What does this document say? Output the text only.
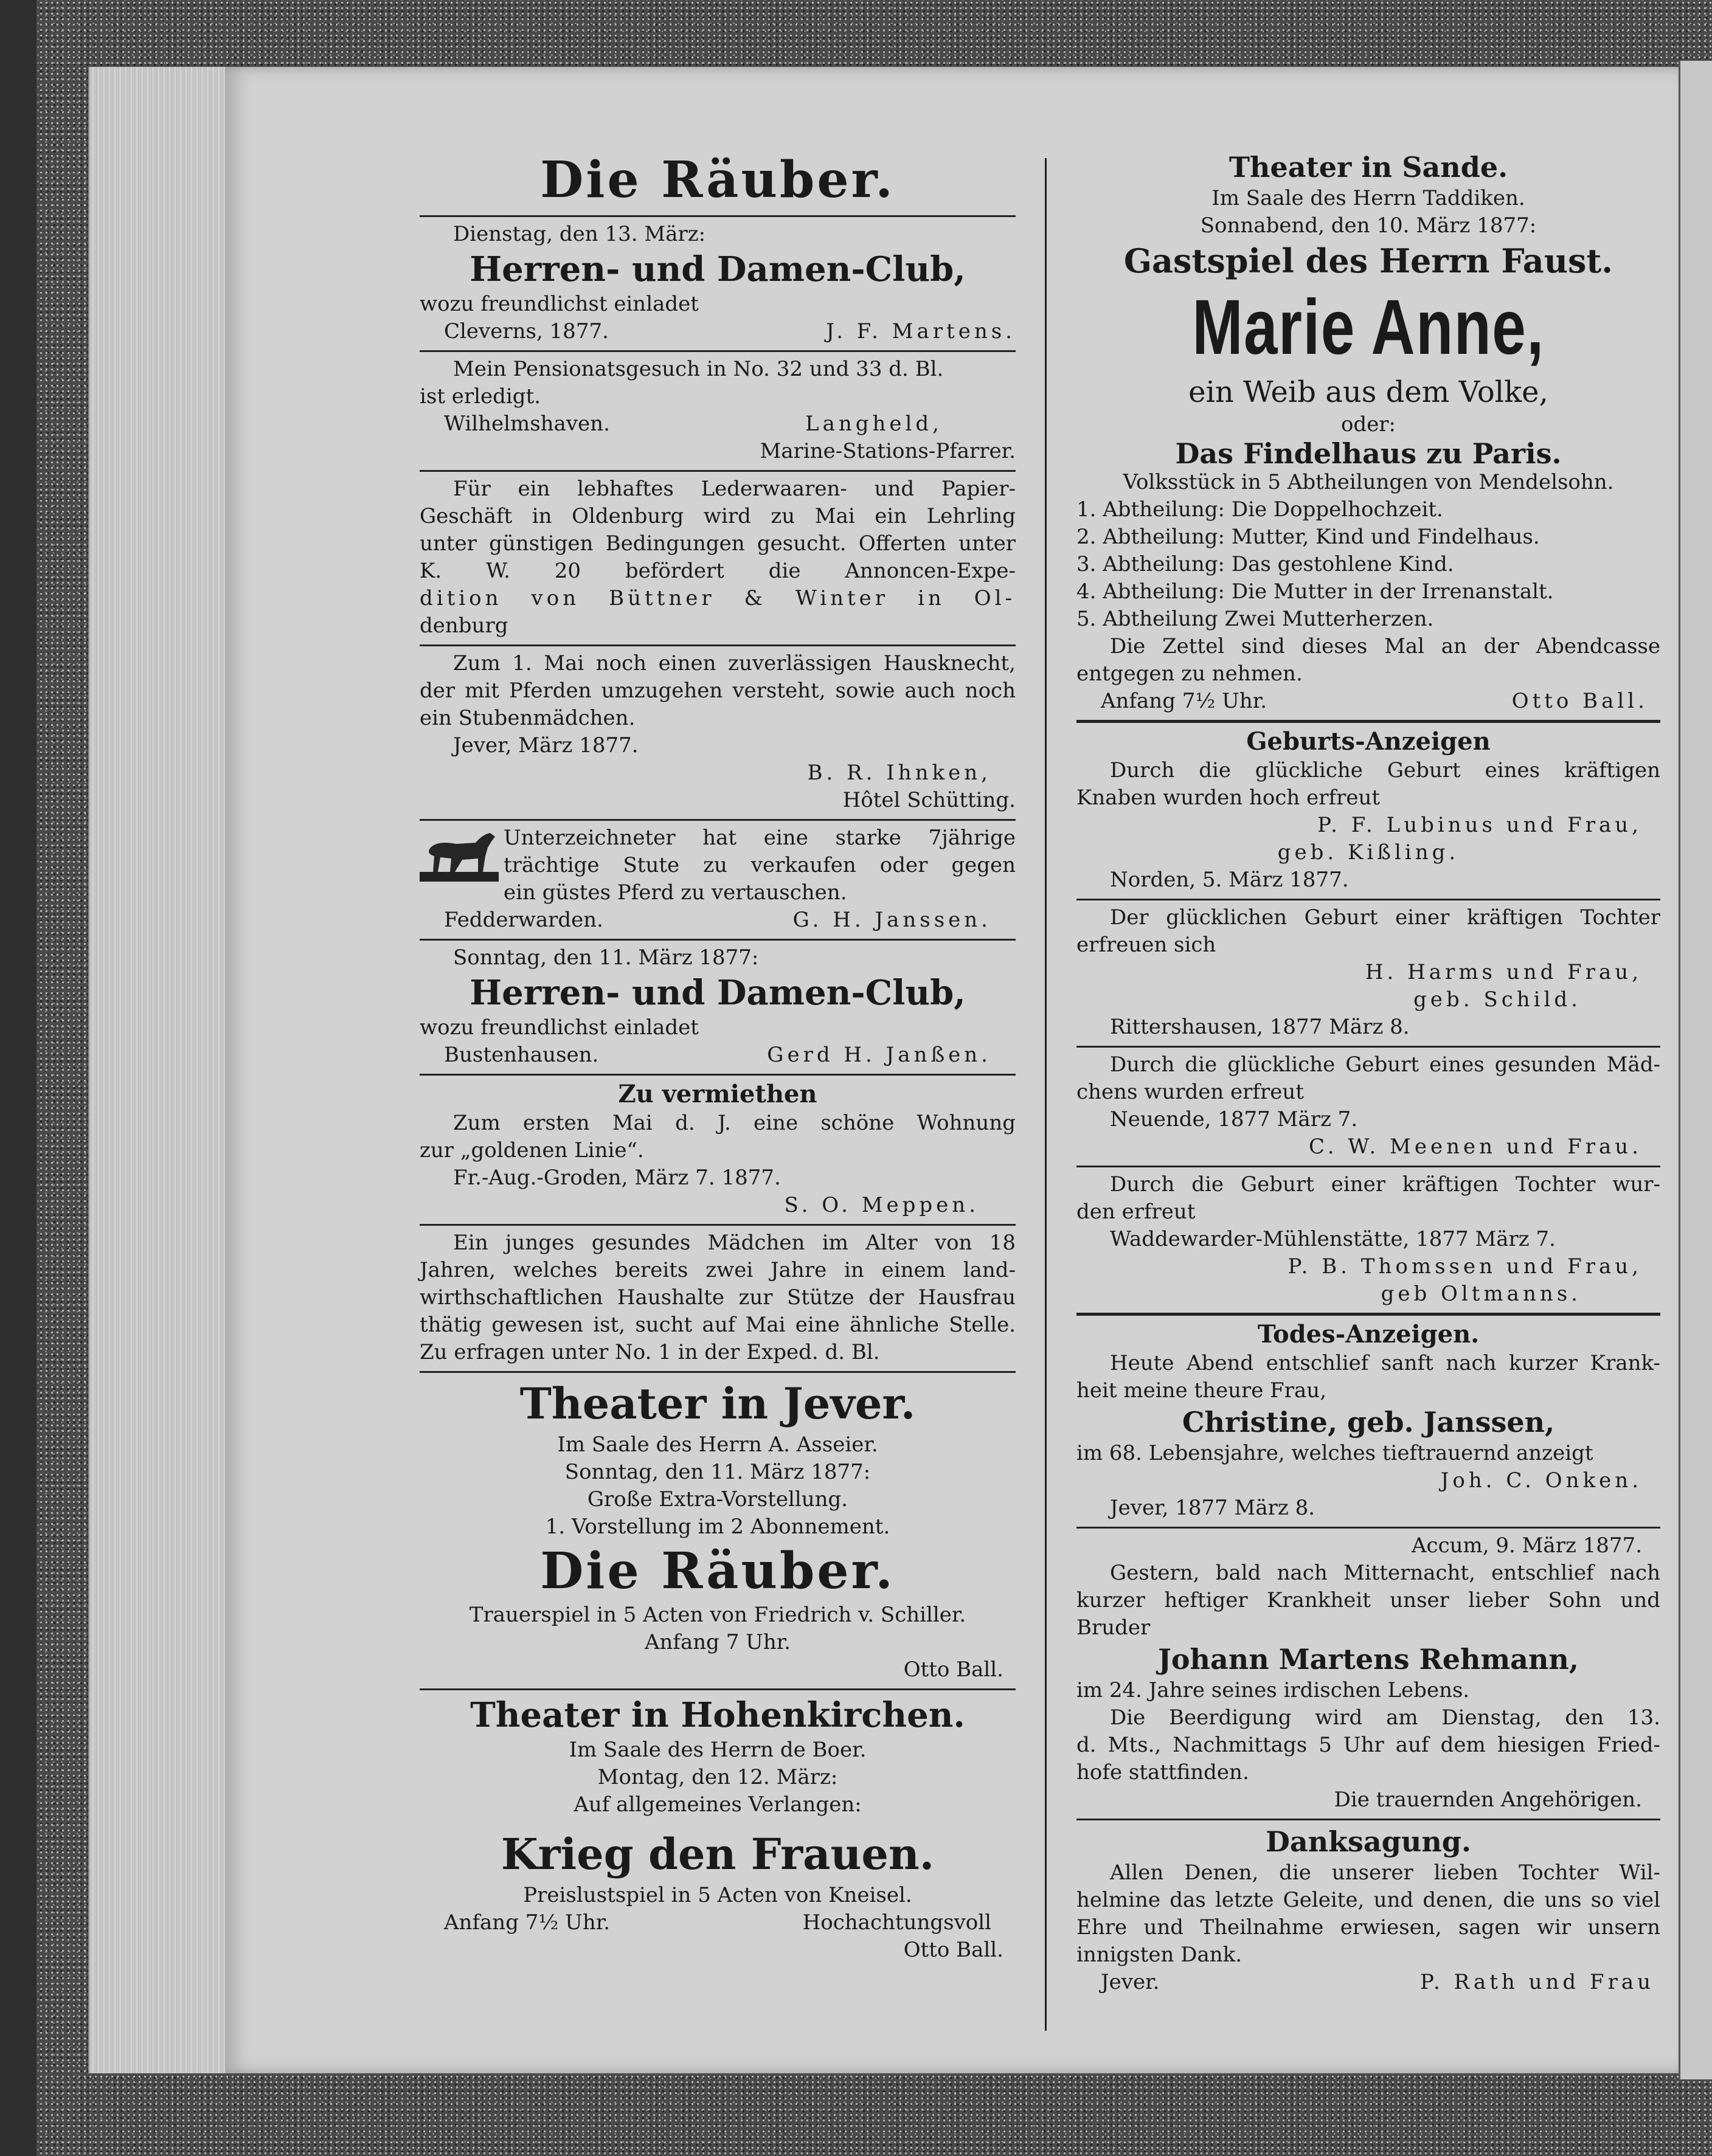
Die Räuber.
Dienstag, den 13. März:
Herren- und Damen-Club,
wozu freundlichst einladet
Cleverns, 1877.	J. F. Martens.
Mein Pensionatsgesuch in No. 32 und 33 d. Bl.
ist erledigt.
Wilhelmshaven.	Langheld,
Marine-Stations-Pfarrer.
Für ein lebhaftes Lederwaaren- und Papier-
Geschäft in Oldenburg wird zu Mai ein Lehrling
unter günstigen Bedingungen gesucht. Offerten unter
K. W. 20 befördert die Annoncen-Expe-
dition von Büttner & Winter in Ol-
denburg
Zum 1. Mai noch einen zuverlässigen Hausknecht,
der mit Pferden umzugehen versteht, sowie auch noch
ein Stubenmädchen.
Jever, März 1877.
B. R. Ihnken,
Hôtel Schütting.
Unterzeichneter hat eine starke 7jährige
trächtige Stute zu verkaufen oder gegen
ein güstes Pferd zu vertauschen.
Fedderwarden.	G. H. Janssen.
Sonntag, den 11. März 1877:
Herren- und Damen-Club,
wozu freundlichst einladet
Bustenhausen.	Gerd H. Janßen.
Zu vermiethen
Zum ersten Mai d. J. eine schöne Wohnung
zur „goldenen Linie“.
Fr.-Aug.-Groden, März 7. 1877.
S. O. Meppen.
Ein junges gesundes Mädchen im Alter von 18
Jahren, welches bereits zwei Jahre in einem land-
wirthschaftlichen Haushalte zur Stütze der Hausfrau
thätig gewesen ist, sucht auf Mai eine ähnliche Stelle.
Zu erfragen unter No. 1 in der Exped. d. Bl.
Theater in Jever.
Im Saale des Herrn A. Asseier.
Sonntag, den 11. März 1877:
Große Extra-Vorstellung.
1. Vorstellung im 2 Abonnement.
Die Räuber.
Trauerspiel in 5 Acten von Friedrich v. Schiller.
Anfang 7 Uhr.
Otto Ball.
Theater in Hohenkirchen.
Im Saale des Herrn de Boer.
Montag, den 12. März:
Auf allgemeines Verlangen:
Krieg den Frauen.
Preislustspiel in 5 Acten von Kneisel.
Anfang 7½ Uhr.	Hochachtungsvoll
Otto Ball.
Theater in Sande.
Im Saale des Herrn Taddiken.
Sonnabend, den 10. März 1877:
Gastspiel des Herrn Faust.
Marie Anne,
ein Weib aus dem Volke,
oder:
Das Findelhaus zu Paris.
Volksstück in 5 Abtheilungen von Mendelsohn.
1. Abtheilung: Die Doppelhochzeit.
2. Abtheilung: Mutter, Kind und Findelhaus.
3. Abtheilung: Das gestohlene Kind.
4. Abtheilung: Die Mutter in der Irrenanstalt.
5. Abtheilung Zwei Mutterherzen.
Die Zettel sind dieses Mal an der Abendcasse
entgegen zu nehmen.
Anfang 7½ Uhr.	Otto Ball.
Geburts-Anzeigen
Durch die glückliche Geburt eines kräftigen
Knaben wurden hoch erfreut
P. F. Lubinus und Frau,
geb. Kißling.
Norden, 5. März 1877.
Der glücklichen Geburt einer kräftigen Tochter
erfreuen sich
H. Harms und Frau,
geb. Schild.
Rittershausen, 1877 März 8.
Durch die glückliche Geburt eines gesunden Mäd-
chens wurden erfreut
Neuende, 1877 März 7.
C. W. Meenen und Frau.
Durch die Geburt einer kräftigen Tochter wur-
den erfreut
Waddewarder-Mühlenstätte, 1877 März 7.
P. B. Thomssen und Frau,
geb Oltmanns.
Todes-Anzeigen.
Heute Abend entschlief sanft nach kurzer Krank-
heit meine theure Frau,
Christine, geb. Janssen,
im 68. Lebensjahre, welches tieftrauernd anzeigt
Joh. C. Onken.
Jever, 1877 März 8.
Accum, 9. März 1877.
Gestern, bald nach Mitternacht, entschlief nach
kurzer heftiger Krankheit unser lieber Sohn und
Bruder
Johann Martens Rehmann,
im 24. Jahre seines irdischen Lebens.
Die Beerdigung wird am Dienstag, den 13.
d. Mts., Nachmittags 5 Uhr auf dem hiesigen Fried-
hofe stattfinden.
Die trauernden Angehörigen.
Danksagung.
Allen Denen, die unserer lieben Tochter Wil-
helmine das letzte Geleite, und denen, die uns so viel
Ehre und Theilnahme erwiesen, sagen wir unsern
innigsten Dank.
Jever.	P. Rath und Frau
